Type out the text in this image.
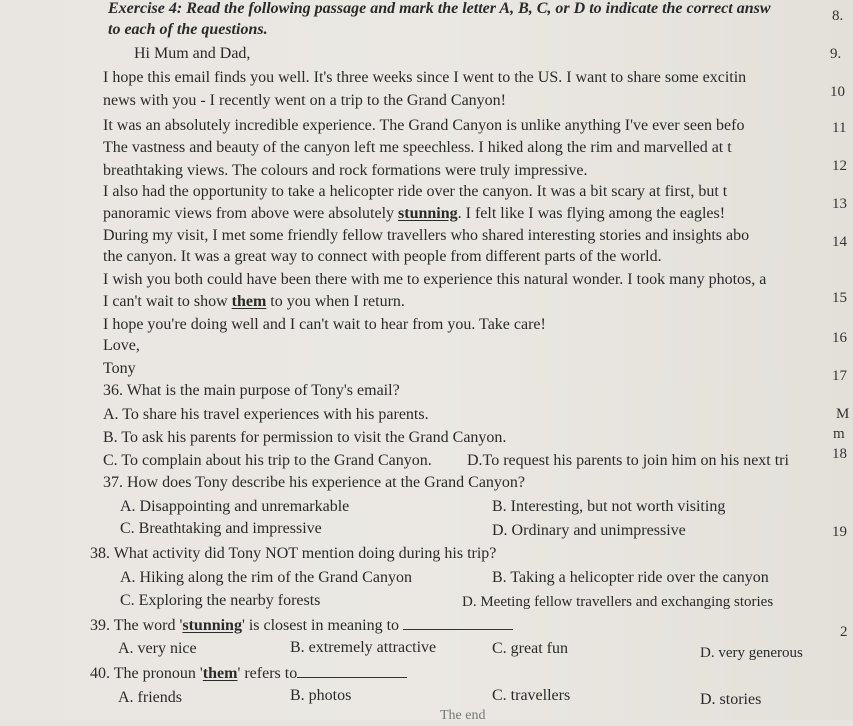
Exercise 4: Read the following passage and mark the letter A, B, C, or D to indicate the correct answ
to each of the questions.
Hi Mum and Dad,
I hope this email finds you well. It's three weeks since I went to the US. I want to share some excitin
news with you - I recently went on a trip to the Grand Canyon!
It was an absolutely incredible experience. The Grand Canyon is unlike anything I've ever seen befo
The vastness and beauty of the canyon left me speechless. I hiked along the rim and marvelled at t
breathtaking views. The colours and rock formations were truly impressive.
I also had the opportunity to take a helicopter ride over the canyon. It was a bit scary at first, but t
panoramic views from above were absolutely stunning. I felt like I was flying among the eagles!
During my visit, I met some friendly fellow travellers who shared interesting stories and insights abo
the canyon. It was a great way to connect with people from different parts of the world.
I wish you both could have been there with me to experience this natural wonder. I took many photos, a
I can't wait to show them to you when I return.
I hope you're doing well and I can't wait to hear from you. Take care!
Love,
Tony
36. What is the main purpose of Tony's email?
A. To share his travel experiences with his parents.
B. To ask his parents for permission to visit the Grand Canyon.
C. To complain about his trip to the Grand Canyon. D.To request his parents to join him on his next tri
37. How does Tony describe his experience at the Grand Canyon?
A. Disappointing and unremarkable	B. Interesting, but not worth visiting
C. Breathtaking and impressive	D. Ordinary and unimpressive
38. What activity did Tony NOT mention doing during his trip?
A. Hiking along the rim of the Grand Canyon	B. Taking a helicopter ride over the canyon
C. Exploring the nearby forests	D. Meeting fellow travellers and exchanging stories
39. The word 'stunning' is closest in meaning to
A. very nice	B. extremely attractive	C. great fun	D. very generous
40. The pronoun 'them' refers to
A. friends	B. photos	C. travellers	D. stories
The end
8.
9.
10
11
12
13
14
15
16
17
M
m
18
19
2
